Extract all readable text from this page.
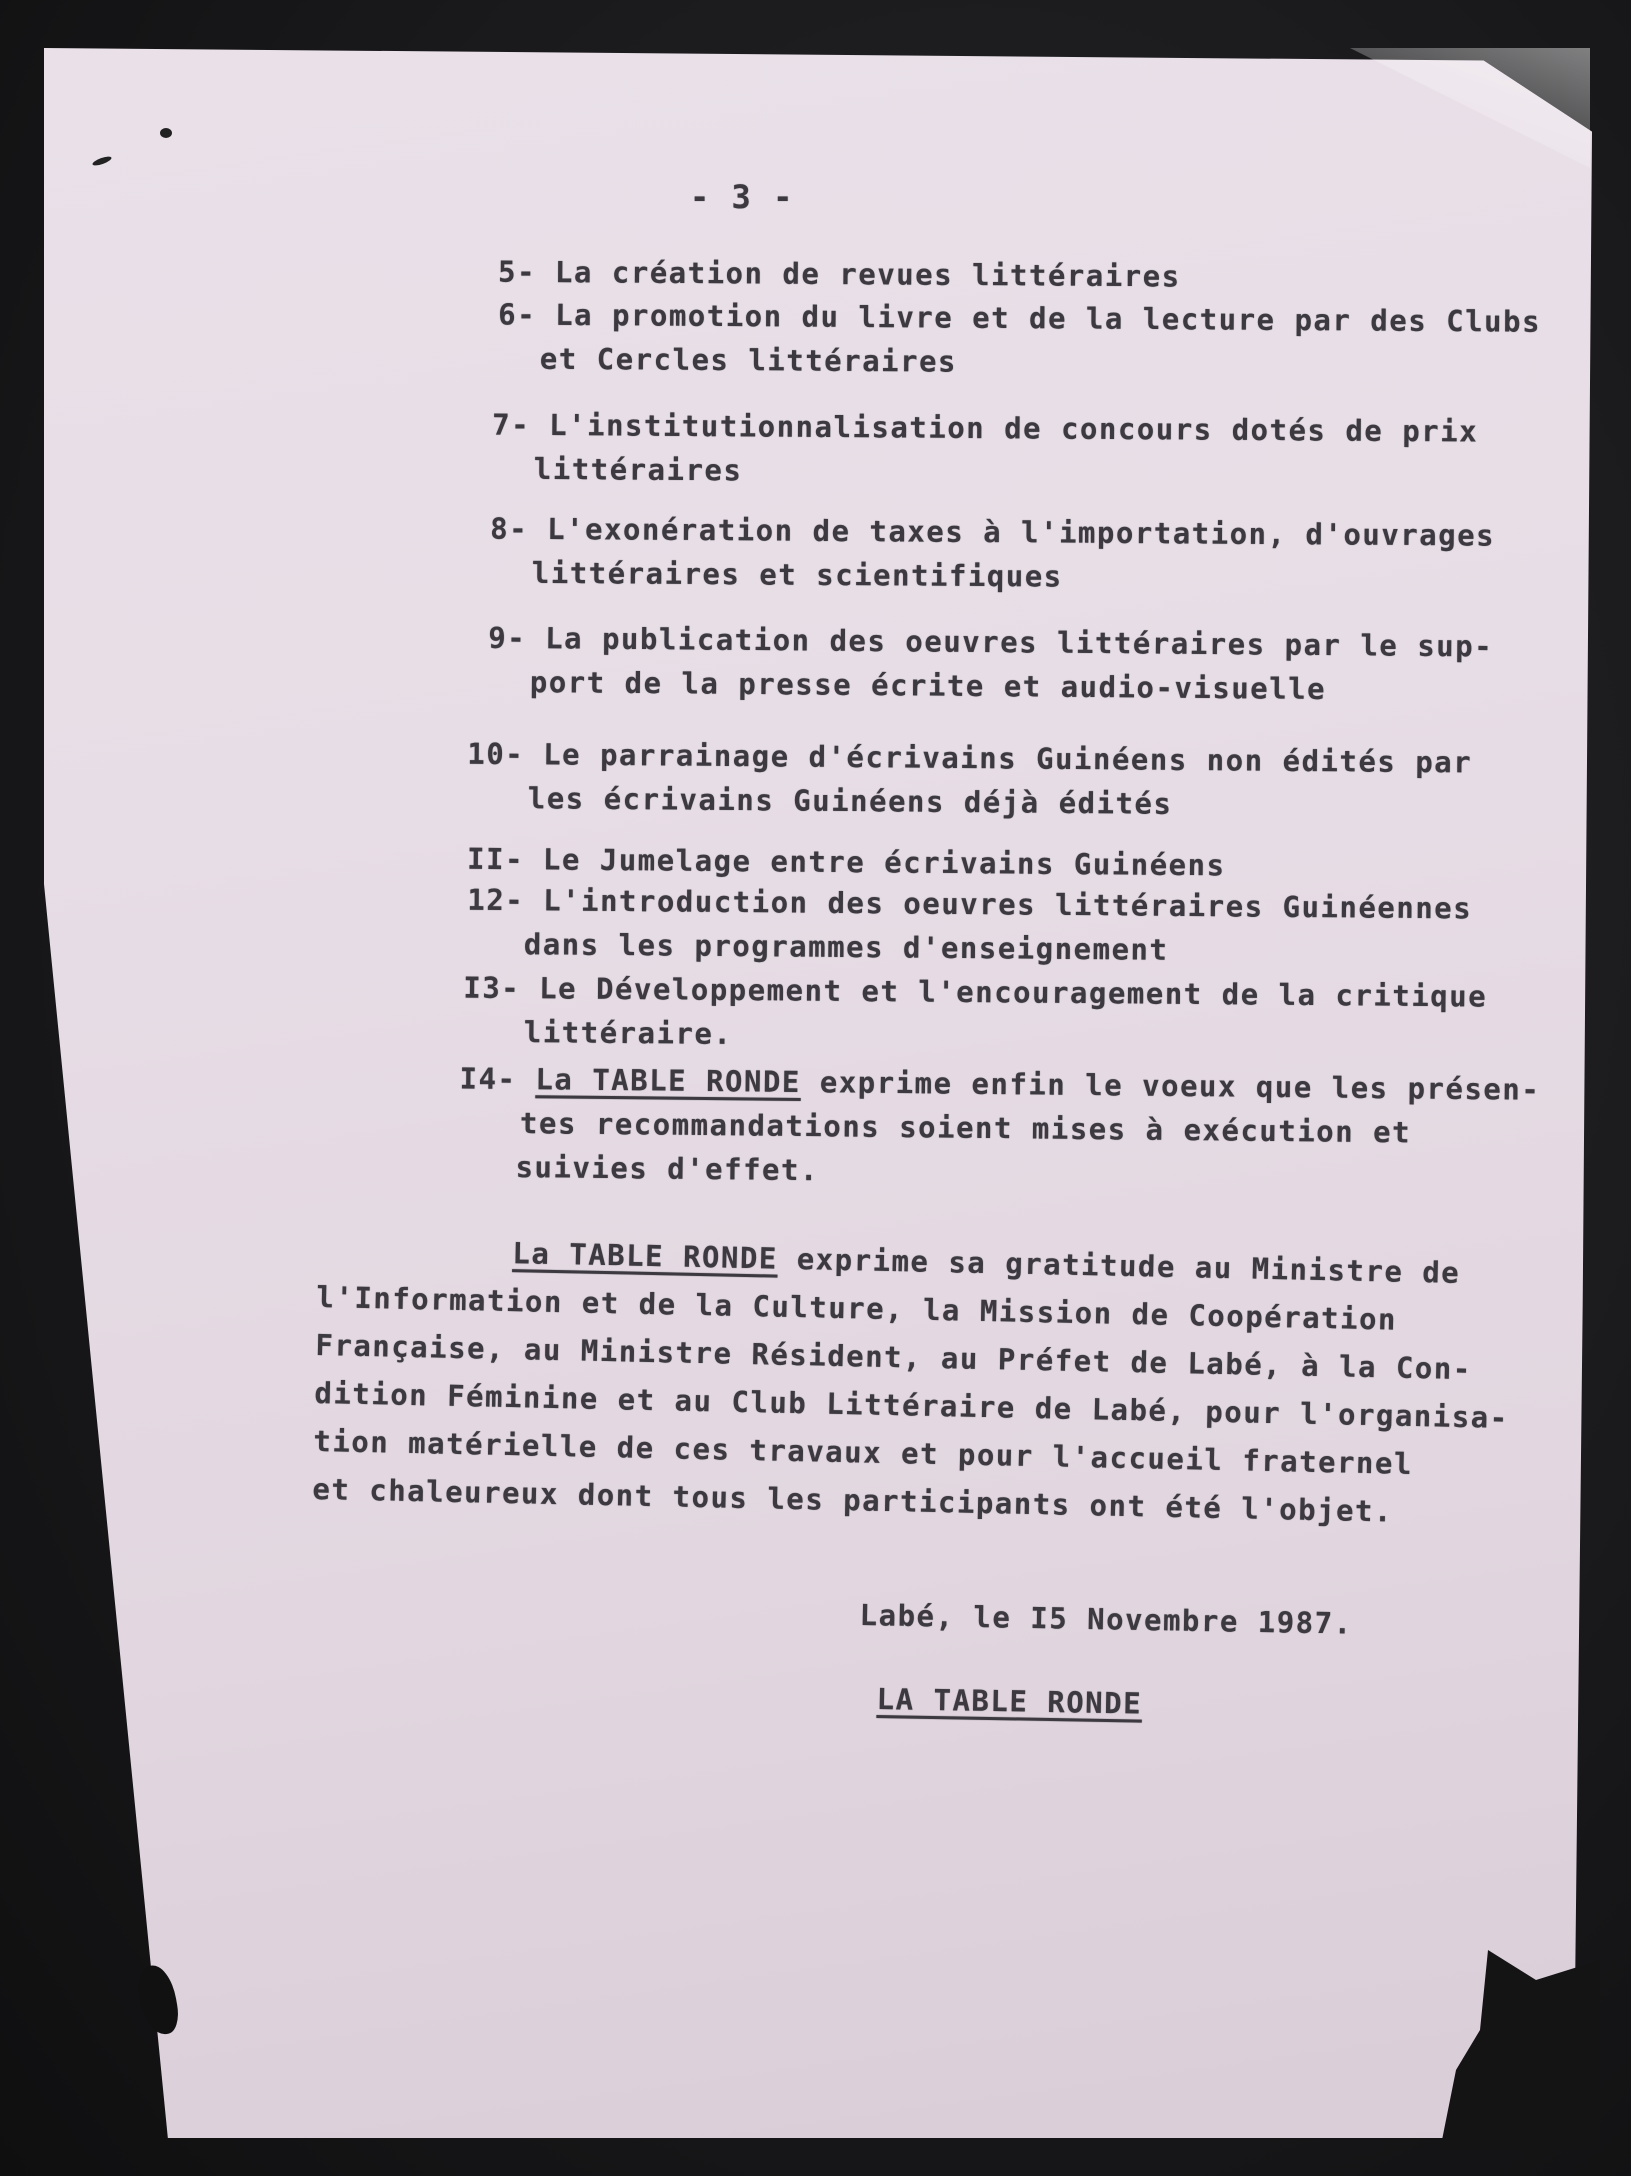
- 3 -
5- La création de revues littéraires
6- La promotion du livre et de la lecture par des Clubs
et Cercles littéraires
7- L'institutionnalisation de concours dotés de prix
littéraires
8- L'exonération de taxes à l'importation, d'ouvrages
littéraires et scientifiques
9- La publication des oeuvres littéraires par le sup-
port de la presse écrite et audio-visuelle
10- Le parrainage d'écrivains Guinéens non édités par
les écrivains Guinéens déjà édités
II- Le Jumelage entre écrivains Guinéens
12- L'introduction des oeuvres littéraires Guinéennes
dans les programmes d'enseignement
I3- Le Développement et l'encouragement de la critique
littéraire.
I4- La TABLE RONDE exprime enfin le voeux que les présen-
tes recommandations soient mises à exécution et
suivies d'effet.
La TABLE RONDE exprime sa gratitude au Ministre de
l'Information et de la Culture, la Mission de Coopération
Française, au Ministre Résident, au Préfet de Labé, à la Con-
dition Féminine et au Club Littéraire de Labé, pour l'organisa-
tion matérielle de ces travaux et pour l'accueil fraternel
et chaleureux dont tous les participants ont été l'objet.
Labé, le I5 Novembre 1987.
LA TABLE RONDE
